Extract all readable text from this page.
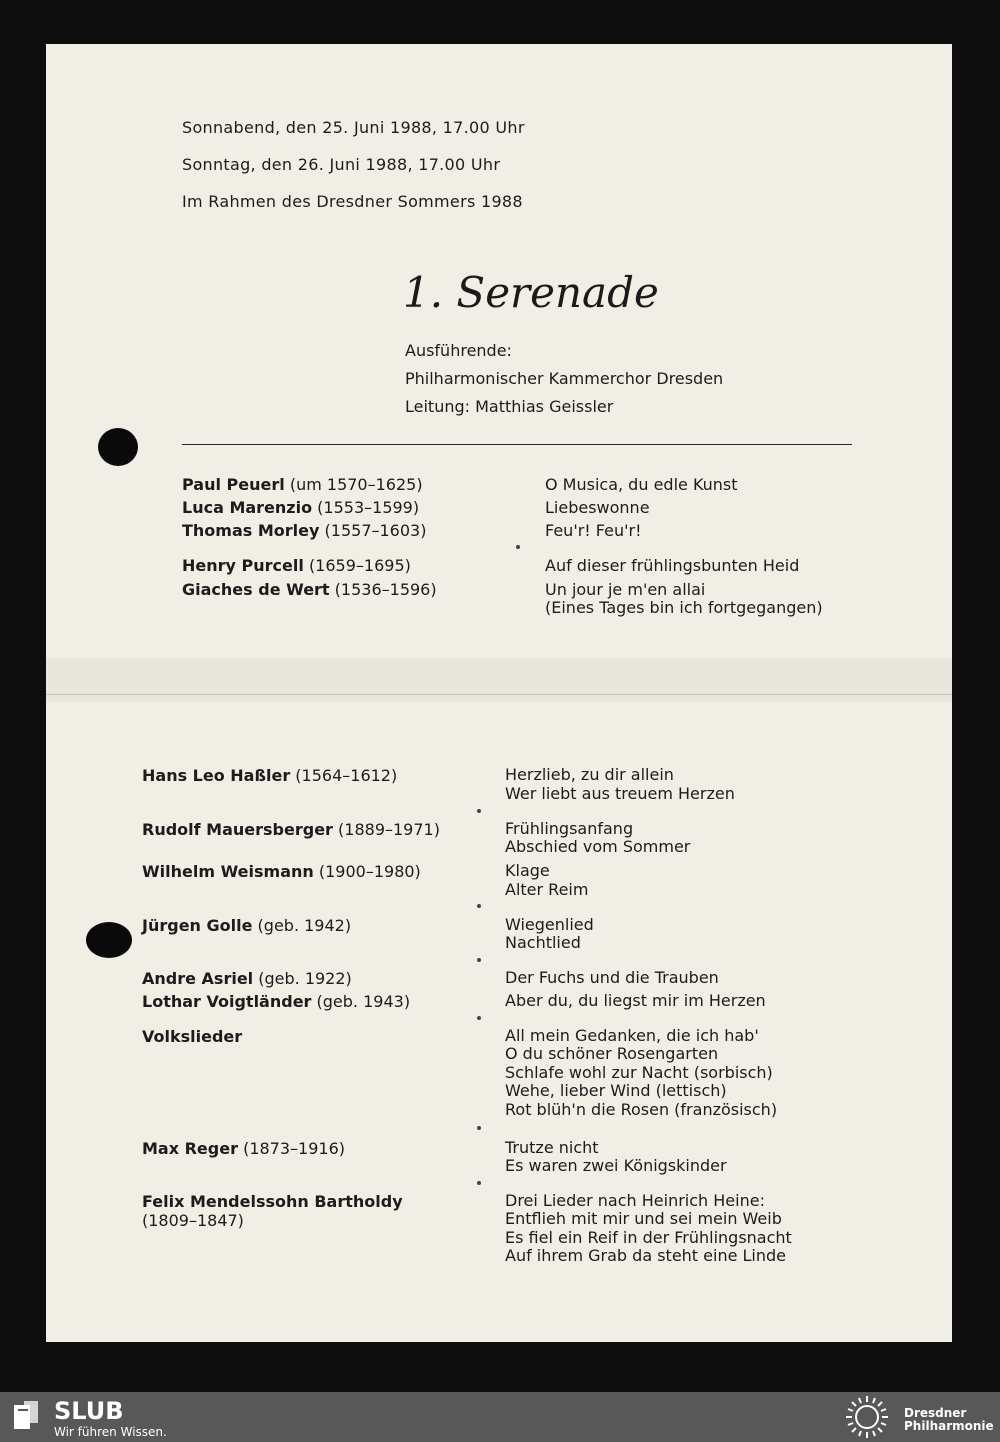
Sonnabend, den 25. Juni 1988, 17.00 Uhr
Sonntag, den 26. Juni 1988, 17.00 Uhr
Im Rahmen des Dresdner Sommers 1988
1. Serenade
Ausführende:
Philharmonischer Kammerchor Dresden
Leitung: Matthias Geissler
Paul Peuerl (um 1570–1625)
Luca Marenzio (1553–1599)
Thomas Morley (1557–1603)
Henry Purcell (1659–1695)
Giaches de Wert (1536–1596)
O Musica, du edle Kunst
Liebeswonne
Feu'r! Feu'r!
Auf dieser frühlingsbunten Heid
Un jour je m'en allai
(Eines Tages bin ich fortgegangen)
Hans Leo Haßler (1564–1612)
Rudolf Mauersberger (1889–1971)
Wilhelm Weismann (1900–1980)
Jürgen Golle (geb. 1942)
Andre Asriel (geb. 1922)
Lothar Voigtländer (geb. 1943)
Volkslieder
Max Reger (1873–1916)
Felix Mendelssohn Bartholdy
(1809–1847)
Herzlieb, zu dir allein
Wer liebt aus treuem Herzen
Frühlingsanfang
Abschied vom Sommer
Klage
Alter Reim
Wiegenlied
Nachtlied
Der Fuchs und die Trauben
Aber du, du liegst mir im Herzen
All mein Gedanken, die ich hab'
O du schöner Rosengarten
Schlafe wohl zur Nacht (sorbisch)
Wehe, lieber Wind (lettisch)
Rot blüh'n die Rosen (französisch)
Trutze nicht
Es waren zwei Königskinder
Drei Lieder nach Heinrich Heine:
Entflieh mit mir und sei mein Weib
Es fiel ein Reif in der Frühlingsnacht
Auf ihrem Grab da steht eine Linde
SLUB
Wir führen Wissen.
Dresdner
Philharmonie
